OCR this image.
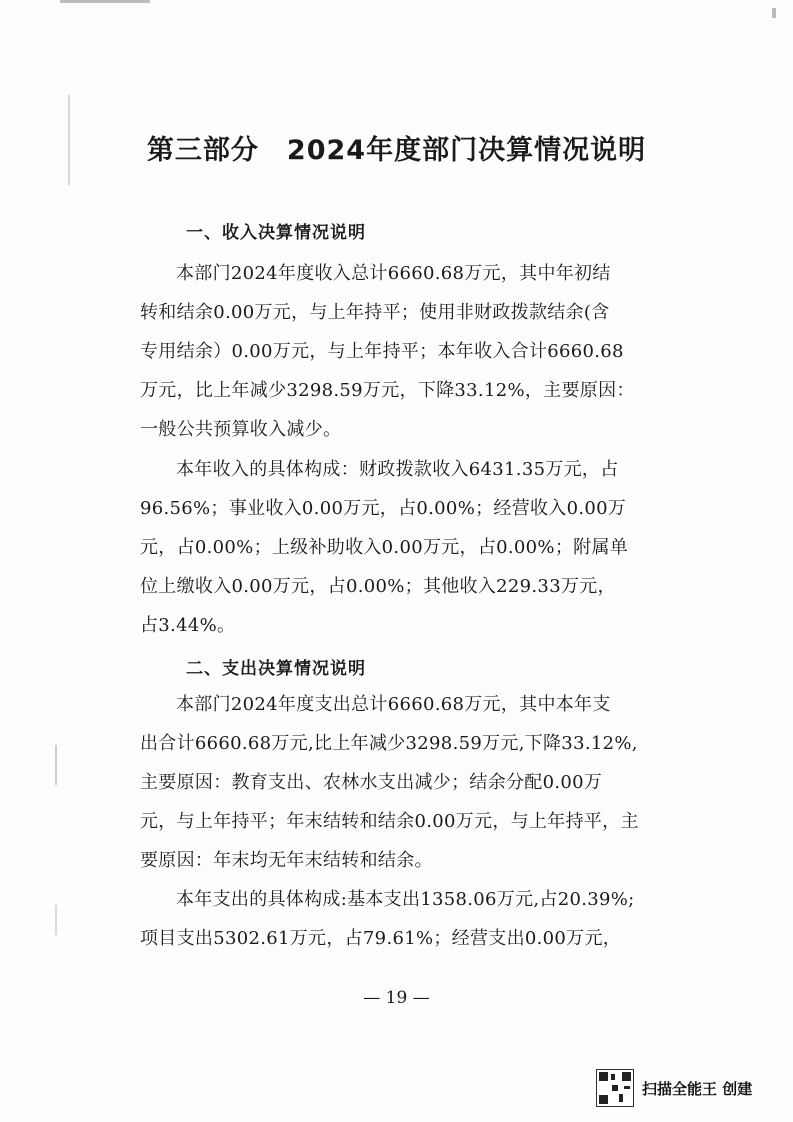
第三部分　2024年度部门决算情况说明
一、收入决算情况说明
本部门2024年度收入总计6660.68万元，其中年初结
转和结余0.00万元，与上年持平；使用非财政拨款结余(含
专用结余）0.00万元，与上年持平；本年收入合计6660.68
万元，比上年减少3298.59万元，下降33.12%，主要原因：
一般公共预算收入减少。
本年收入的具体构成：财政拨款收入6431.35万元，占
96.56%；事业收入0.00万元，占0.00%；经营收入0.00万
元，占0.00%；上级补助收入0.00万元，占0.00%；附属单
位上缴收入0.00万元，占0.00%；其他收入229.33万元，
占3.44%。
二、支出决算情况说明
本部门2024年度支出总计6660.68万元，其中本年支
出合计6660.68万元,比上年减少3298.59万元,下降33.12%,
主要原因：教育支出、农林水支出减少；结余分配0.00万
元，与上年持平；年末结转和结余0.00万元，与上年持平，主
要原因：年末均无年末结转和结余。
本年支出的具体构成:基本支出1358.06万元,占20.39%;
项目支出5302.61万元，占79.61%；经营支出0.00万元，
— 19 —
扫描全能王 创建
